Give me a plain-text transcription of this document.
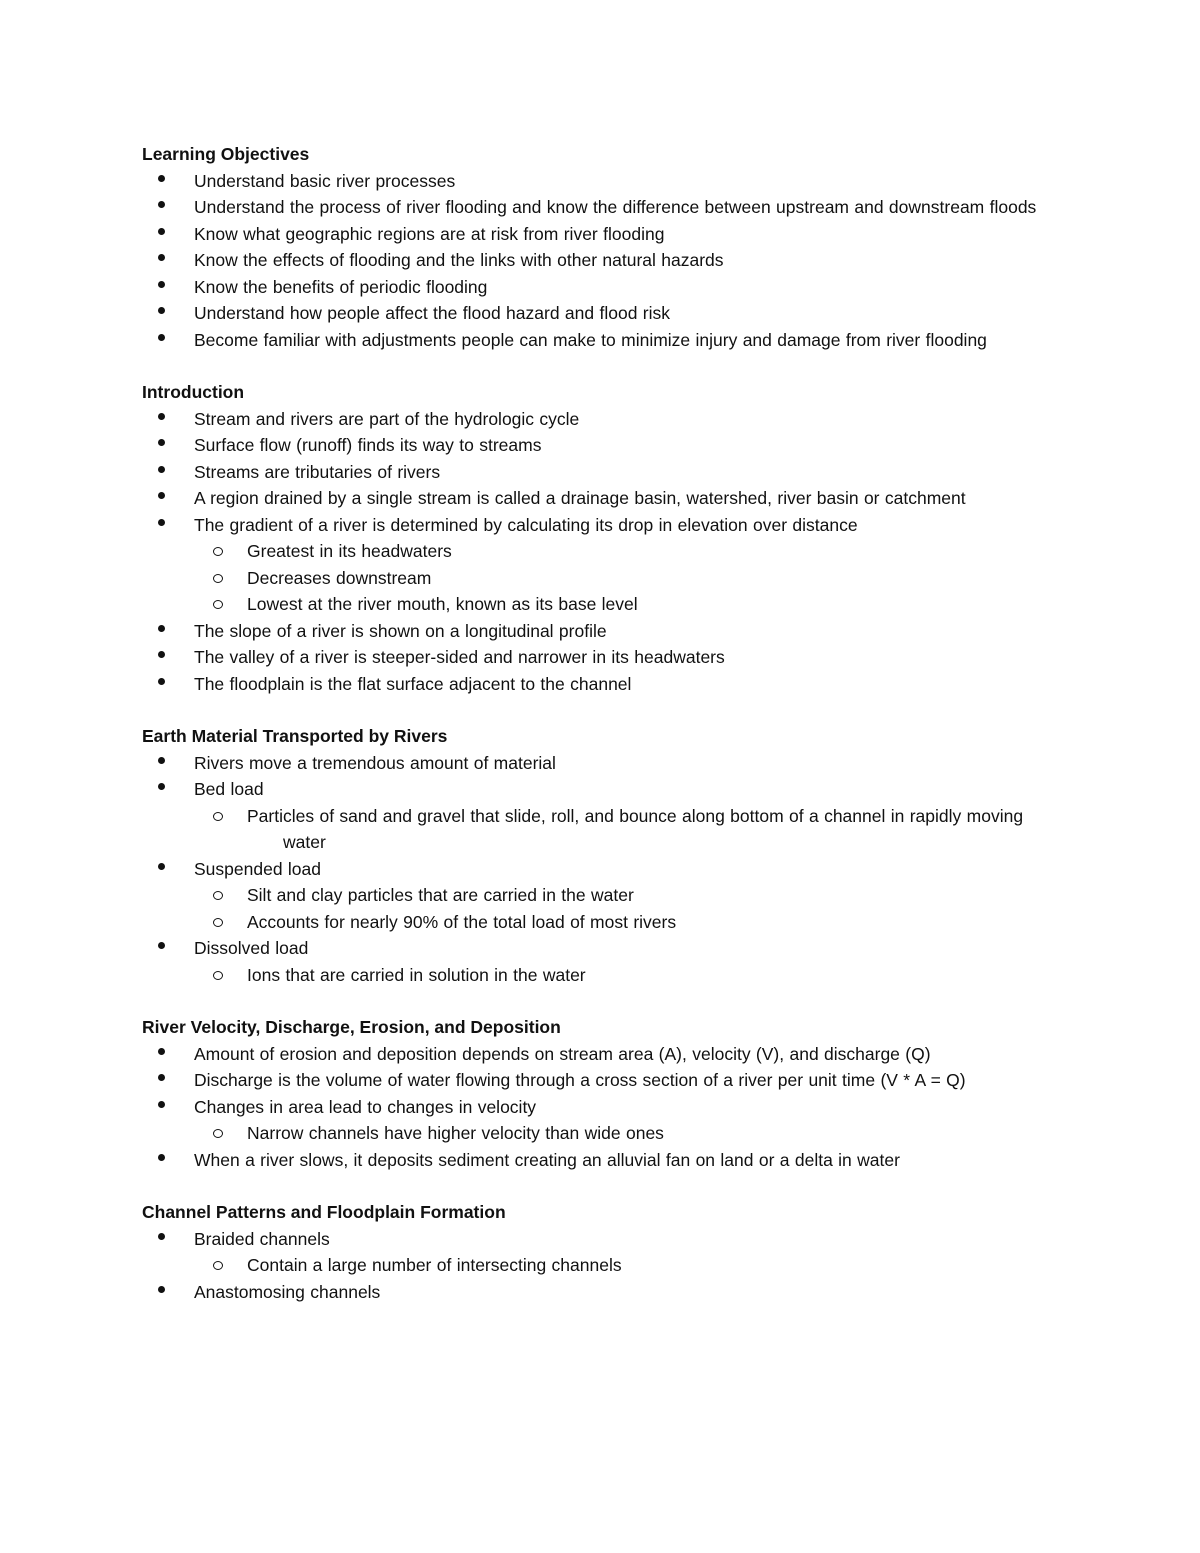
Learning Objectives
Understand basic river processes
Understand the process of river flooding and know the difference between upstream and downstream floods
Know what geographic regions are at risk from river flooding
Know the effects of flooding and the links with other natural hazards
Know the benefits of periodic flooding
Understand how people affect the flood hazard and flood risk
Become familiar with adjustments people can make to minimize injury and damage from river flooding
Introduction
Stream and rivers are part of the hydrologic cycle
Surface flow (runoff) finds its way to streams
Streams are tributaries of rivers
A region drained by a single stream is called a drainage basin, watershed, river basin or catchment
The gradient of a river is determined by calculating its drop in elevation over distance
Greatest in its headwaters
Decreases downstream
Lowest at the river mouth, known as its base level
The slope of a river is shown on a longitudinal profile
The valley of a river is steeper-sided and narrower in its headwaters
The floodplain is the flat surface adjacent to the channel
Earth Material Transported by Rivers
Rivers move a tremendous amount of material
Bed load
Particles of sand and gravel that slide, roll, and bounce along bottom of a channel in rapidly moving water
Suspended load
Silt and clay particles that are carried in the water
Accounts for nearly 90% of the total load of most rivers
Dissolved load
Ions that are carried in solution in the water
River Velocity, Discharge, Erosion, and Deposition
Amount of erosion and deposition depends on stream area (A), velocity (V), and discharge (Q)
Discharge is the volume of water flowing through a cross section of a river per unit time (V * A = Q)
Changes in area lead to changes in velocity
Narrow channels have higher velocity than wide ones
When a river slows, it deposits sediment creating an alluvial fan on land or a delta in water
Channel Patterns and Floodplain Formation
Braided channels
Contain a large number of intersecting channels
Anastomosing channels
